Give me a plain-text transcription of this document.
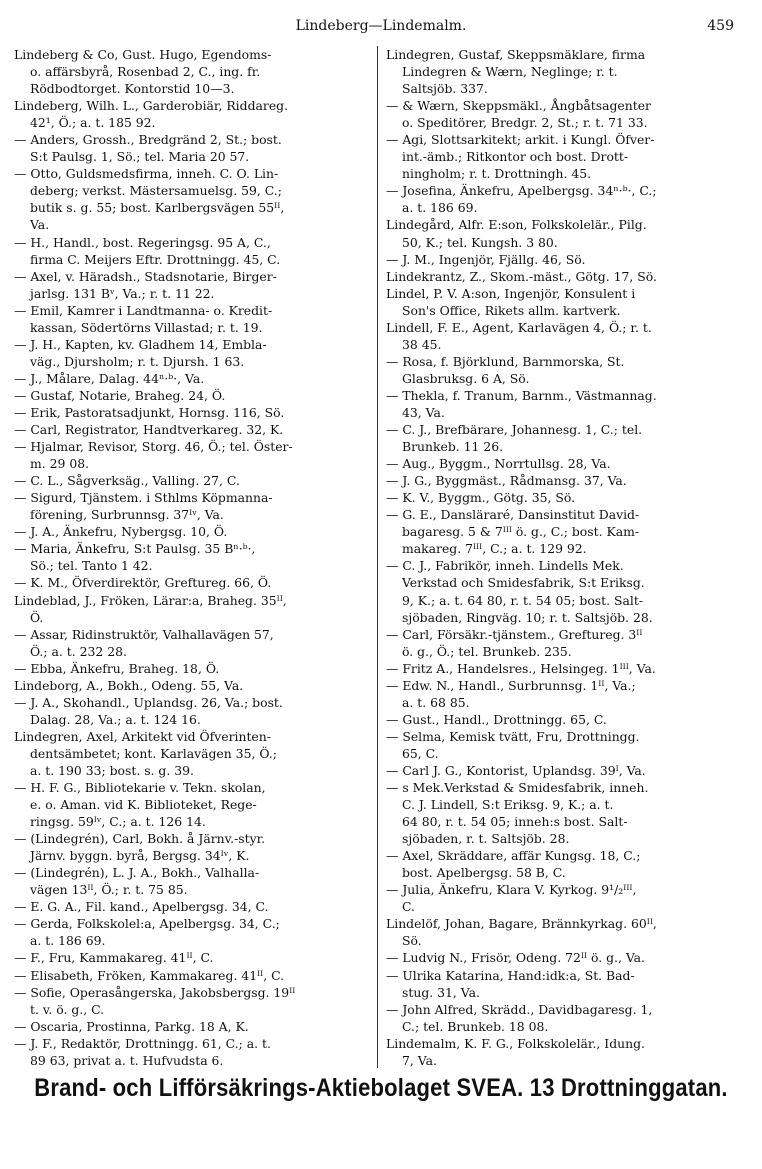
Lindeberg—Lindemalm.	459
Lindeberg & Co, Gust. Hugo, Egendoms-
o. affärsbyrå, Rosenbad 2, C., ing. fr.
Rödbodtorget. Kontorstid 10—3.
Lindeberg, Wilh. L., Garderobiär, Riddareg.
42¹, Ö.; a. t. 185 92.
— Anders, Grossh., Bredgränd 2, St.; bost.
S:t Paulsg. 1, Sö.; tel. Maria 20 57.
— Otto, Guldsmedsfirma, inneh. C. O. Lin-
deberg; verkst. Mästersamuelsg. 59, C.;
butik s. g. 55; bost. Karlbergsvägen 55ᴵᴵ,
Va.
— H., Handl., bost. Regeringsg. 95 A, C.,
firma C. Meijers Eftr. Drottningg. 45, C.
— Axel, v. Häradsh., Stadsnotarie, Birger-
jarlsg. 131 Bᵛ, Va.; r. t. 11 22.
— Emil, Kamrer i Landtmanna- o. Kredit-
kassan, Södertörns Villastad; r. t. 19.
— J. H., Kapten, kv. Gladhem 14, Embla-
väg., Djursholm; r. t. Djursh. 1 63.
— J., Målare, Dalag. 44ⁿ·ᵇ·, Va.
— Gustaf, Notarie, Braheg. 24, Ö.
— Erik, Pastoratsadjunkt, Hornsg. 116, Sö.
— Carl, Registrator, Handtverkareg. 32, K.
— Hjalmar, Revisor, Storg. 46, Ö.; tel. Öster-
m. 29 08.
— C. L., Sågverksäg., Valling. 27, C.
— Sigurd, Tjänstem. i Sthlms Köpmanna-
förening, Surbrunnsg. 37ᴵᵛ, Va.
— J. A., Änkefru, Nybergsg. 10, Ö.
— Maria, Änkefru, S:t Paulsg. 35 Bⁿ·ᵇ·,
Sö.; tel. Tanto 1 42.
— K. M., Öfverdirektör, Greftureg. 66, Ö.
Lindeblad, J., Fröken, Lärar:a, Braheg. 35ᴵᴵ,
Ö.
— Assar, Ridinstruktör, Valhallavägen 57,
Ö.; a. t. 232 28.
— Ebba, Änkefru, Braheg. 18, Ö.
Lindeborg, A., Bokh., Odeng. 55, Va.
— J. A., Skohandl., Uplandsg. 26, Va.; bost.
Dalag. 28, Va.; a. t. 124 16.
Lindegren, Axel, Arkitekt vid Öfverinten-
dentsämbetet; kont. Karlavägen 35, Ö.;
a. t. 190 33; bost. s. g. 39.
— H. F. G., Bibliotekarie v. Tekn. skolan,
e. o. Aman. vid K. Biblioteket, Rege-
ringsg. 59ᴵᵛ, C.; a. t. 126 14.
— (Lindegrén), Carl, Bokh. å Järnv.-styr.
Järnv. byggn. byrå, Bergsg. 34ᴵᵛ, K.
— (Lindegrén), L. J. A., Bokh., Valhalla-
vägen 13ᴵᴵ, Ö.; r. t. 75 85.
— E. G. A., Fil. kand., Apelbergsg. 34, C.
— Gerda, Folkskolel:a, Apelbergsg. 34, C.;
a. t. 186 69.
— F., Fru, Kammakareg. 41ᴵᴵ, C.
— Elisabeth, Fröken, Kammakareg. 41ᴵᴵ, C.
— Sofie, Operasångerska, Jakobsbergsg. 19ᴵᴵ
t. v. ö. g., C.
— Oscaria, Prostinna, Parkg. 18 A, K.
— J. F., Redaktör, Drottningg. 61, C.; a. t.
89 63, privat a. t. Hufvudsta 6.
Lindegren, Gustaf, Skeppsmäklare, firma
Lindegren & Wærn, Neglinge; r. t.
Saltsjöb. 337.
— & Wærn, Skeppsmäkl., Ångbåtsagenter
o. Speditörer, Bredgr. 2, St.; r. t. 71 33.
— Agi, Slottsarkitekt; arkit. i Kungl. Öfver-
int.-ämb.; Ritkontor och bost. Drott-
ningholm; r. t. Drottningh. 45.
— Josefina, Änkefru, Apelbergsg. 34ⁿ·ᵇ·, C.;
a. t. 186 69.
Lindegård, Alfr. E:son, Folkskolelär., Pilg.
50, K.; tel. Kungsh. 3 80.
— J. M., Ingenjör, Fjällg. 46, Sö.
Lindekrantz, Z., Skom.-mäst., Götg. 17, Sö.
Lindel, P. V. A:son, Ingenjör, Konsulent i
Son's Office, Rikets allm. kartverk.
Lindell, F. E., Agent, Karlavägen 4, Ö.; r. t.
38 45.
— Rosa, f. Björklund, Barnmorska, St.
Glasbruksg. 6 A, Sö.
— Thekla, f. Tranum, Barnm., Västmannag.
43, Va.
— C. J., Brefbärare, Johannesg. 1, C.; tel.
Brunkeb. 11 26.
— Aug., Byggm., Norrtullsg. 28, Va.
— J. G., Byggmäst., Rådmansg. 37, Va.
— K. V., Byggm., Götg. 35, Sö.
— G. E., Dansläraré, Dansinstitut David-
bagaresg. 5 & 7ᴵᴵᴵ ö. g., C.; bost. Kam-
makareg. 7ᴵᴵᴵ, C.; a. t. 129 92.
— C. J., Fabrikör, inneh. Lindells Mek.
Verkstad och Smidesfabrik, S:t Eriksg.
9, K.; a. t. 64 80, r. t. 54 05; bost. Salt-
sjöbaden, Ringväg. 10; r. t. Saltsjöb. 28.
— Carl, Försäkr.-tjänstem., Greftureg. 3ᴵᴵ
ö. g., Ö.; tel. Brunkeb. 235.
— Fritz A., Handelsres., Helsingeg. 1ᴵᴵᴵ, Va.
— Edw. N., Handl., Surbrunnsg. 1ᴵᴵ, Va.;
a. t. 68 85.
— Gust., Handl., Drottningg. 65, C.
— Selma, Kemisk tvätt, Fru, Drottningg.
65, C.
— Carl J. G., Kontorist, Uplandsg. 39ᴵ, Va.
— s Mek.Verkstad & Smidesfabrik, inneh.
C. J. Lindell, S:t Eriksg. 9, K.; a. t.
64 80, r. t. 54 05; inneh:s bost. Salt-
sjöbaden, r. t. Saltsjöb. 28.
— Axel, Skräddare, affär Kungsg. 18, C.;
bost. Apelbergsg. 58 B, C.
— Julia, Änkefru, Klara V. Kyrkog. 9¹/₂ᴵᴵᴵ,
C.
Lindelöf, Johan, Bagare, Brännkyrkag. 60ᴵᴵ,
Sö.
— Ludvig N., Frisör, Odeng. 72ᴵᴵ ö. g., Va.
— Ulrika Katarina, Hand:idk:a, St. Bad-
stug. 31, Va.
— John Alfred, Skrädd., Davidbagaresg. 1,
C.; tel. Brunkeb. 18 08.
Lindemalm, K. F. G., Folkskolelär., Idung.
7, Va.
Brand- och Lifförsäkrings-Aktiebolaget SVEA. 13 Drottninggatan.
